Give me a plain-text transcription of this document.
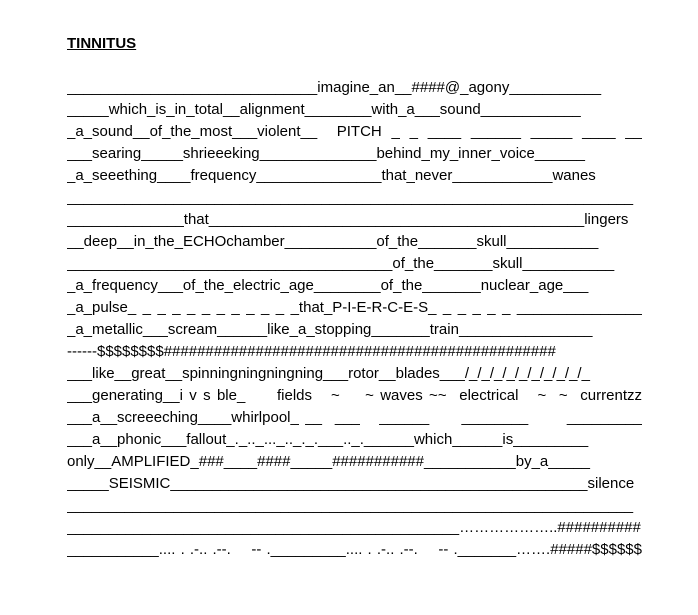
TINNITUS
______________________________imagine_an__####@_agony___________
_____which_is_in_total__alignment________with_a___sound____________
_a_sound__of_the_most___violent__  PITCH _ _ ____ ______ _____ ____ __
___searing_____shrieeeking______________behind_my_inner_voice______
_a_seeething____frequency_______________that_never____________wanes
_____________________________________________________________________
______________that_____________________________________________lingers
__deep__in_the_ECHOchamber___________of_the_______skull___________
_______________________________________of_the_______skull___________
_a_frequency___of_the_electric_age________of_the_______nuclear_age___
_a_pulse_ _ _ _ _ _ _ _ _ _ _ _that_P-I-E-R-C-E-S_ _ _ _ _ _ _______________
_a_metallic___scream______like_a_stopping_______train________________
------$$$$$$$$###############################################
___like__great__spinningningningning___rotor__blades___/_/_/_/_/_/_/_/_/_/_
___generating__i v s ble_     fields   ~    ~ waves ~~  electrical   ~  ~  currentzz
___a__screeeching____whirlpool_ __  ___   ______     ________      _________
___a__phonic___fallout_._.._..._.._._.___.._.______which______is_________
only__AMPLIFIED_###____####_____###########___________by_a_____
_____SEISMIC__________________________________________________silence
_____________________________________________________________________
_______________________________________________………………..##########
___________.... . .-.. .--.    -- ._________.... . .-.. .--.    -- ._______…….#####$$$$$$
